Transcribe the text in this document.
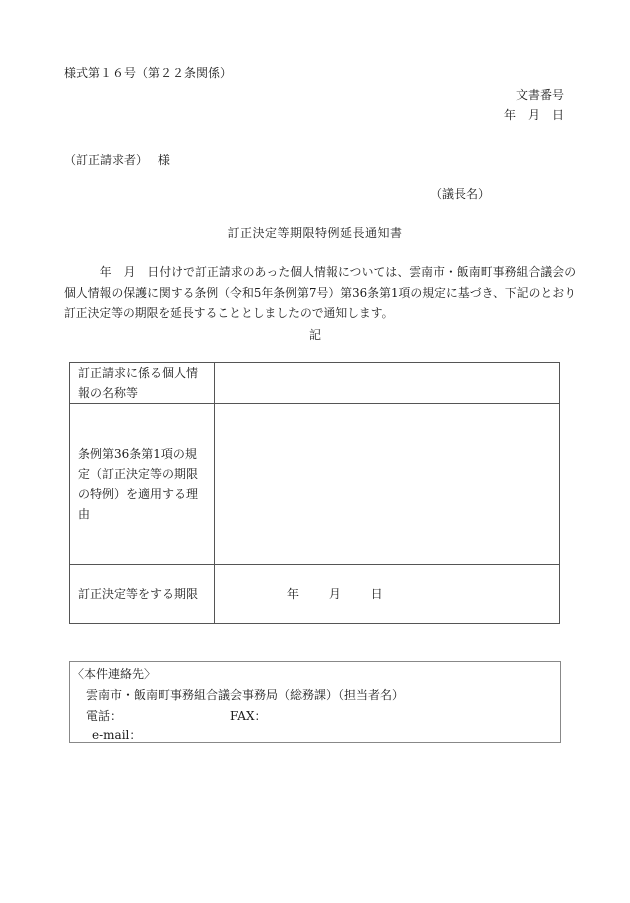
様式第１６号（第２２条関係）
文書番号
年　月　日
（訂正請求者）　 様
（議長名）
訂正決定等期限特例延長通知書
　　　年　月　日付けで訂正請求のあった個人情報については、雲南市・飯南町事務組合議会の個人情報の保護に関する条例（令和5年条例第7号）第36条第1項の規定に基づき、下記のとおり訂正決定等の期限を延長することとしましたので通知します。
記
訂正請求に係る個人情報の名称等	
条例第36条第1項の規定（訂正決定等の期限の特例）を適用する理由	
訂正決定等をする期限	年 月 日
〈本件連絡先〉
雲南市・飯南町事務組合議会事務局（総務課）（担当者名）
電話：	FAX：
e-mail：
